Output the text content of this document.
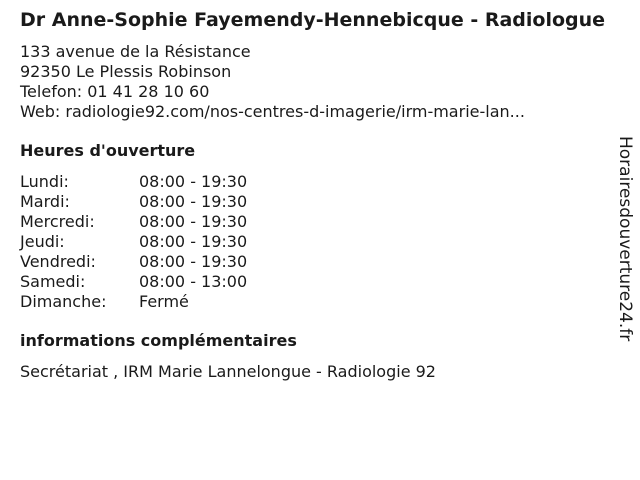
Dr Anne-Sophie Fayemendy-Hennebicque - Radiologue
133 avenue de la Résistance
92350 Le Plessis Robinson
Telefon: 01 41 28 10 60
Web: radiologie92.com/nos-centres-d-imagerie/irm-marie-lan...
Heures d'ouverture
Lundi:	08:00 - 19:30
Mardi:	08:00 - 19:30
Mercredi:	08:00 - 19:30
Jeudi:	08:00 - 19:30
Vendredi:	08:00 - 19:30
Samedi:	08:00 - 13:00
Dimanche:	Fermé
informations complémentaires
Secrétariat , IRM Marie Lannelongue - Radiologie 92
Horairesdouverture24.fr
